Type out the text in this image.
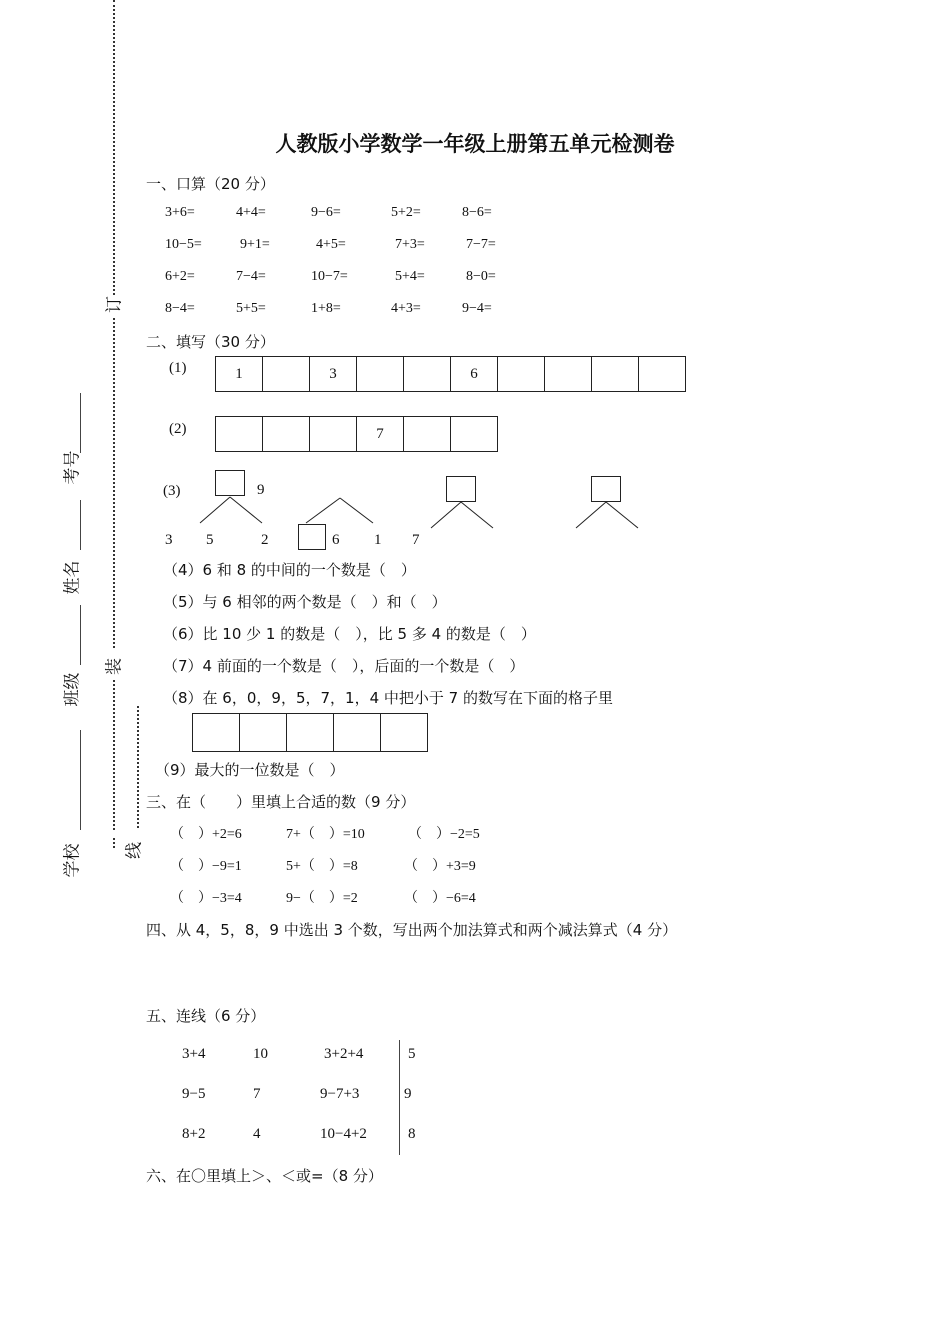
订
装
线
考号
姓名
班级
学校
人教版小学数学一年级上册第五单元检测卷
一、口算（20 分）
3+6=	4+4=	9−6=	5+2=	8−6=
10−5=	9+1=	4+5=	7+3=	7−7=
6+2=	7−4=	10−7=	5+4=	8−0=
8−4=	5+5=	1+8=	4+3=	9−4=
二、填写（30 分）
(1)	1	3	6
(2)	7
(3)	9
3 5	2	6 1 7
（4）6 和 8 的中间的一个数是（　）
（5）与 6 相邻的两个数是（　）和（　）
（6）比 10 少 1 的数是（　），比 5 多 4 的数是（　）
（7）4 前面的一个数是（　），后面的一个数是（　）
（8）在 6，0，9，5，7，1，4 中把小于 7 的数写在下面的格子里
（9）最大的一位数是（　）
三、在（　　）里填上合适的数（9 分）
（　）+2=6	7+（　）=10	（　）−2=5
（　）−9=1	5+（　）=8	（　）+3=9
（　）−3=4	9−（　）=2	（　）−6=4
四、从 4，5，8，9 中选出 3 个数，写出两个加法算式和两个减法算式（4 分）
五、连线（6 分）
3+4	10	3+2+4	5
9−5	7	9−7+3	9
8+2	4	10−4+2	8
六、在〇里填上＞、＜或=（8 分）
